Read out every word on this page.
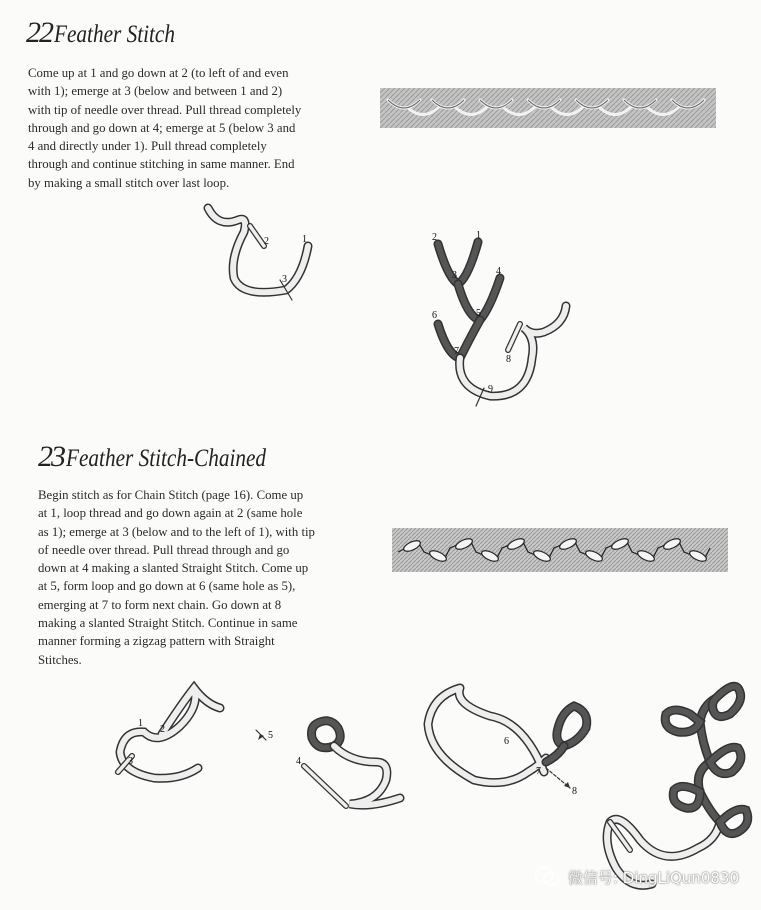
22 Feather Stitch
Come up at 1 and go down at 2 (to left of and even
with 1); emerge at 3 (below and between 1 and 2)
with tip of needle over thread. Pull thread completely
through and go down at 4; emerge at 5 (below 3 and
4 and directly under 1). Pull thread completely
through and continue stitching in same manner. End
by making a small stitch over last loop.
2	1
3
2	1
3	4
6	5
7
8
9
23 Feather Stitch-Chained
Begin stitch as for Chain Stitch (page 16). Come up
at 1, loop thread and go down again at 2 (same hole
as 1); emerge at 3 (below and to the left of 1), with tip
of needle over thread. Pull thread through and go
down at 4 making a slanted Straight Stitch. Come up
at 5, form loop and go down at 6 (same hole as 5),
emerging at 7 to form next chain. Go down at 8
making a slanted Straight Stitch. Continue in same
manner forming a zigzag pattern with Straight
Stitches.
1
2
3
5
4
6
7
8
微信号: DingLiQun0830
